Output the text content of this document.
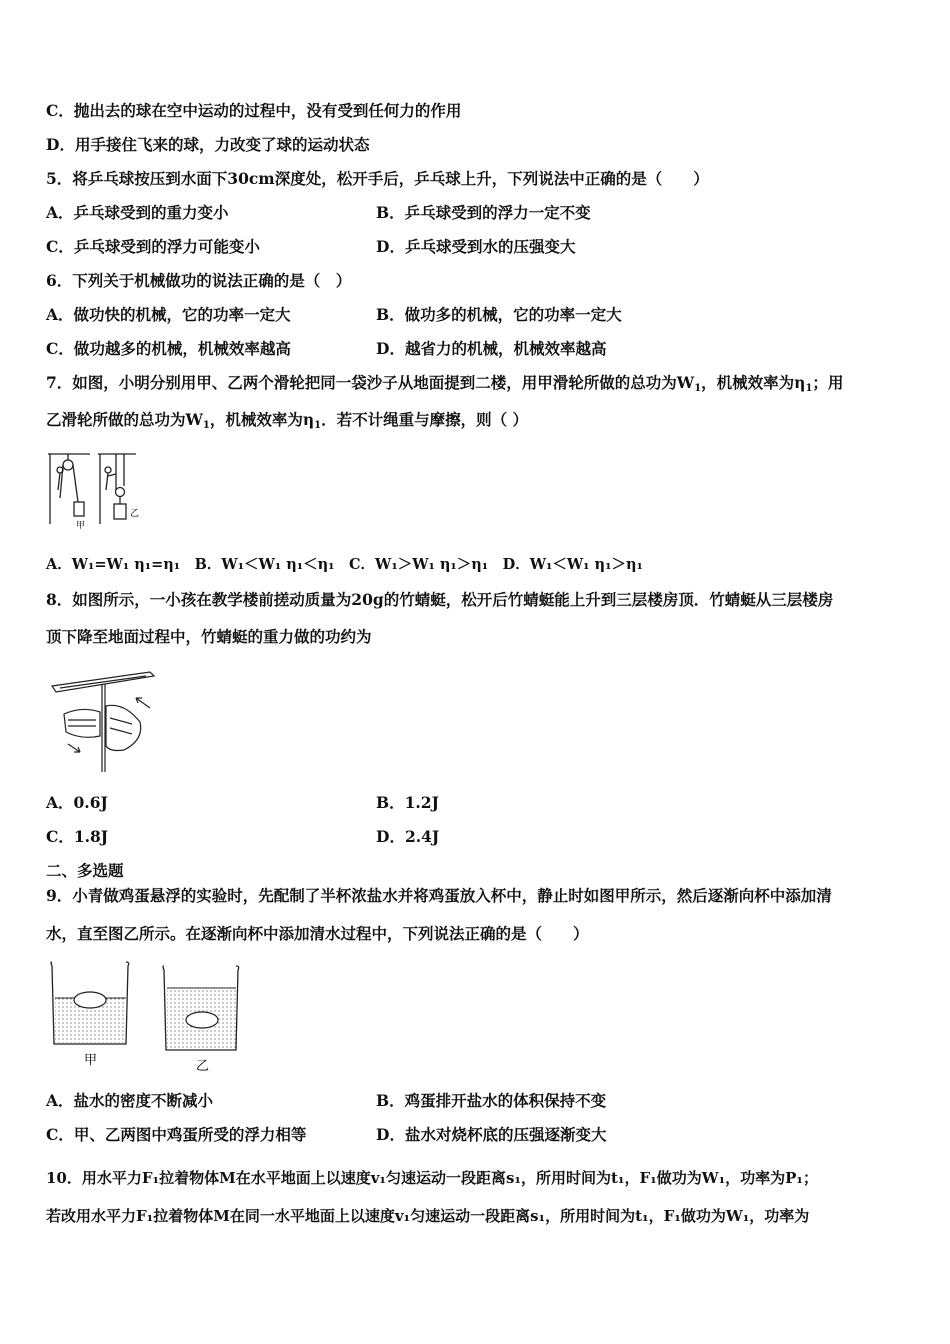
C．抛出去的球在空中运动的过程中，没有受到任何力的作用
D．用手接住飞来的球，力改变了球的运动状态
5．将乒乓球按压到水面下30cm深度处，松开手后，乒乓球上升，下列说法中正确的是（　　）
A．乒乓球受到的重力变小	B．乒乓球受到的浮力一定不变
C．乒乓球受到的浮力可能变小	D．乒乓球受到水的压强变大
6．下列关于机械做功的说法正确的是（　）
A．做功快的机械，它的功率一定大	B．做功多的机械，它的功率一定大
C．做功越多的机械，机械效率越高	D．越省力的机械，机械效率越高
7．如图，小明分别用甲、乙两个滑轮把同一袋沙子从地面提到二楼，用甲滑轮所做的总功为$W_1$，机械效率为$\eta_1$；用
乙滑轮所做的总功为$W_1$，机械效率为$\eta_1$．若不计绳重与摩擦，则（ ）
甲
乙
A．W₁=W₁ η₁=η₁　B．W₁＜W₁ η₁＜η₁　C．W₁＞W₁ η₁＞η₁　D．W₁＜W₁ η₁＞η₁
8．如图所示，一小孩在教学楼前搓动质量为20g的竹蜻蜓，松开后竹蜻蜓能上升到三层楼房顶．竹蜻蜓从三层楼房
顶下降至地面过程中，竹蜻蜓的重力做的功约为
A．0.6J	B．1.2J
C．1.8J	D．2.4J
二、多选题
9．小青做鸡蛋悬浮的实验时，先配制了半杯浓盐水并将鸡蛋放入杯中，静止时如图甲所示，然后逐渐向杯中添加清
水，直至图乙所示。在逐渐向杯中添加清水过程中，下列说法正确的是（　　）
甲	乙
A．盐水的密度不断减小	B．鸡蛋排开盐水的体积保持不变
C．甲、乙两图中鸡蛋所受的浮力相等	D．盐水对烧杯底的压强逐渐变大
10．用水平力F₁拉着物体M在水平地面上以速度v₁匀速运动一段距离s₁，所用时间为t₁，F₁做功为W₁，功率为P₁；
若改用水平力F₁拉着物体M在同一水平地面上以速度v₁匀速运动一段距离s₁，所用时间为t₁，F₁做功为W₁，功率为
